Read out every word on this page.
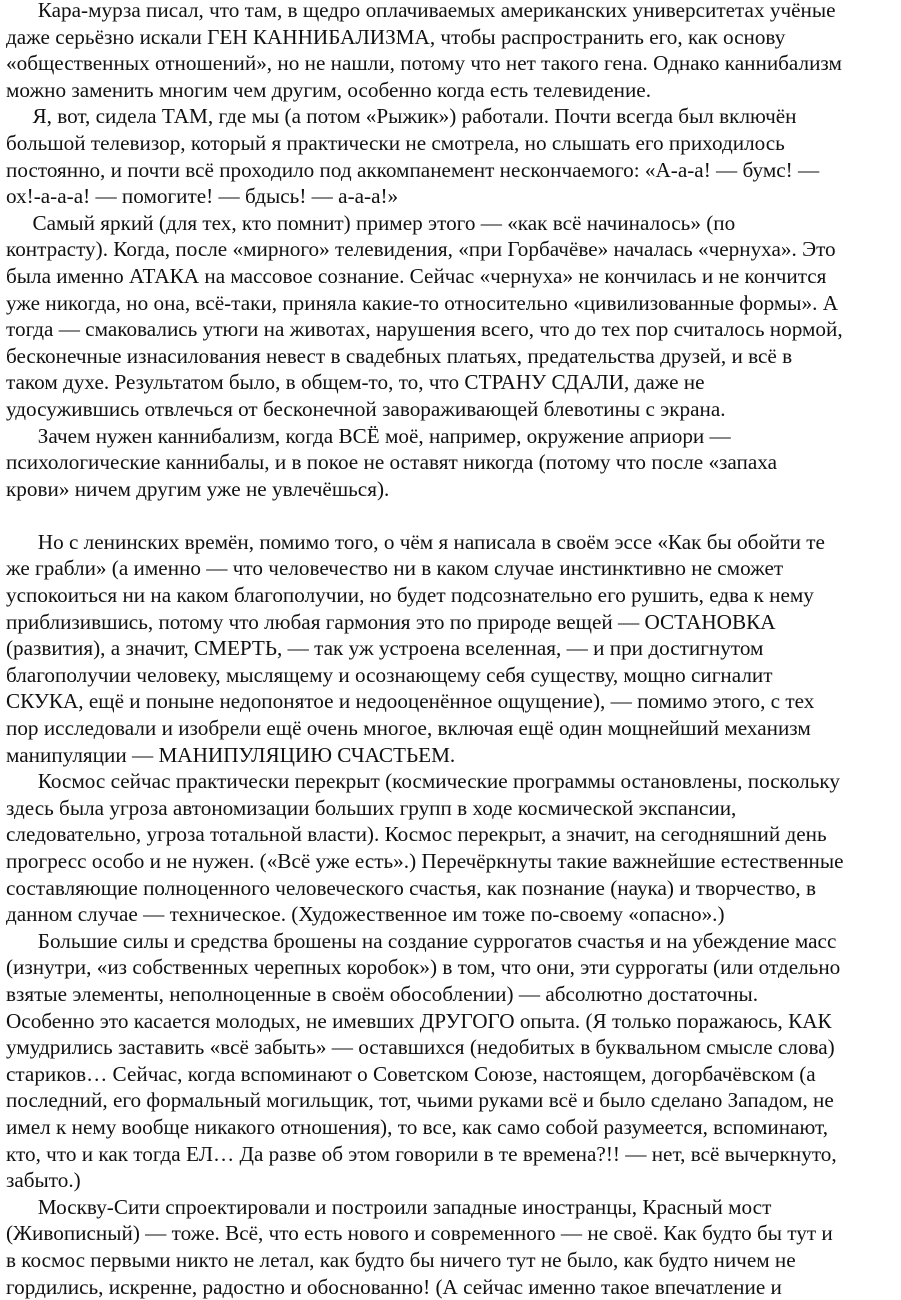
Кара-мурза писал, что там, в щедро оплачиваемых американских университетах учёные
даже серьёзно искали ГЕН КАННИБАЛИЗМА, чтобы распространить его, как основу
«общественных отношений», но не нашли, потому что нет такого гена. Однако каннибализм
можно заменить многим чем другим, особенно когда есть телевидение.
Я, вот, сидела ТАМ, где мы (а потом «Рыжик») работали. Почти всегда был включён
большой телевизор, который я практически не смотрела, но слышать его приходилось
постоянно, и почти всё проходило под аккомпанемент нескончаемого: «А-а-а! — бумс! —
ох!-а-а-а! — помогите! — бдысь! — а-а-а!»
Самый яркий (для тех, кто помнит) пример этого — «как всё начиналось» (по
контрасту). Когда, после «мирного» телевидения, «при Горбачёве» началась «чернуха». Это
была именно АТАКА на массовое сознание. Сейчас «чернуха» не кончилась и не кончится
уже никогда, но она, всё-таки, приняла какие-то относительно «цивилизованные формы». А
тогда — смаковались утюги на животах, нарушения всего, что до тех пор считалось нормой,
бесконечные изнасилования невест в свадебных платьях, предательства друзей, и всё в
таком духе. Результатом было, в общем-то, то, что СТРАНУ СДАЛИ, даже не
удосужившись отвлечься от бесконечной завораживающей блевотины с экрана.
Зачем нужен каннибализм, когда ВСЁ моё, например, окружение априори —
психологические каннибалы, и в покое не оставят никогда (потому что после «запаха
крови» ничем другим уже не увлечёшься).
Но с ленинских времён, помимо того, о чём я написала в своём эссе «Как бы обойти те
же грабли» (а именно — что человечество ни в каком случае инстинктивно не сможет
успокоиться ни на каком благополучии, но будет подсознательно его рушить, едва к нему
приблизившись, потому что любая гармония это по природе вещей — ОСТАНОВКА
(развития), а значит, СМЕРТЬ, — так уж устроена вселенная, — и при достигнутом
благополучии человеку, мыслящему и осознающему себя существу, мощно сигналит
СКУКА, ещё и поныне недопонятое и недооценённое ощущение), — помимо этого, с тех
пор исследовали и изобрели ещё очень многое, включая ещё один мощнейший механизм
манипуляции — МАНИПУЛЯЦИЮ СЧАСТЬЕМ.
Космос сейчас практически перекрыт (космические программы остановлены, поскольку
здесь была угроза автономизации больших групп в ходе космической экспансии,
следовательно, угроза тотальной власти). Космос перекрыт, а значит, на сегодняшний день
прогресс особо и не нужен. («Всё уже есть».) Перечёркнуты такие важнейшие естественные
составляющие полноценного человеческого счастья, как познание (наука) и творчество, в
данном случае — техническое. (Художественное им тоже по-своему «опасно».)
Большие силы и средства брошены на создание суррогатов счастья и на убеждение масс
(изнутри, «из собственных черепных коробок») в том, что они, эти суррогаты (или отдельно
взятые элементы, неполноценные в своём обособлении) — абсолютно достаточны.
Особенно это касается молодых, не имевших ДРУГОГО опыта. (Я только поражаюсь, КАК
умудрились заставить «всё забыть» — оставшихся (недобитых в буквальном смысле слова)
стариков… Сейчас, когда вспоминают о Советском Союзе, настоящем, догорбачёвском (а
последний, его формальный могильщик, тот, чьими руками всё и было сделано Западом, не
имел к нему вообще никакого отношения), то все, как само собой разумеется, вспоминают,
кто, что и как тогда ЕЛ… Да разве об этом говорили в те времена?!! — нет, всё вычеркнуто,
забыто.)
Москву-Сити спроектировали и построили западные иностранцы, Красный мост
(Живописный) — тоже. Всё, что есть нового и современного — не своё. Как будто бы тут и
в космос первыми никто не летал, как будто бы ничего тут не было, как будто ничем не
гордились, искренне, радостно и обоснованно! (А сейчас именно такое впечатление и
